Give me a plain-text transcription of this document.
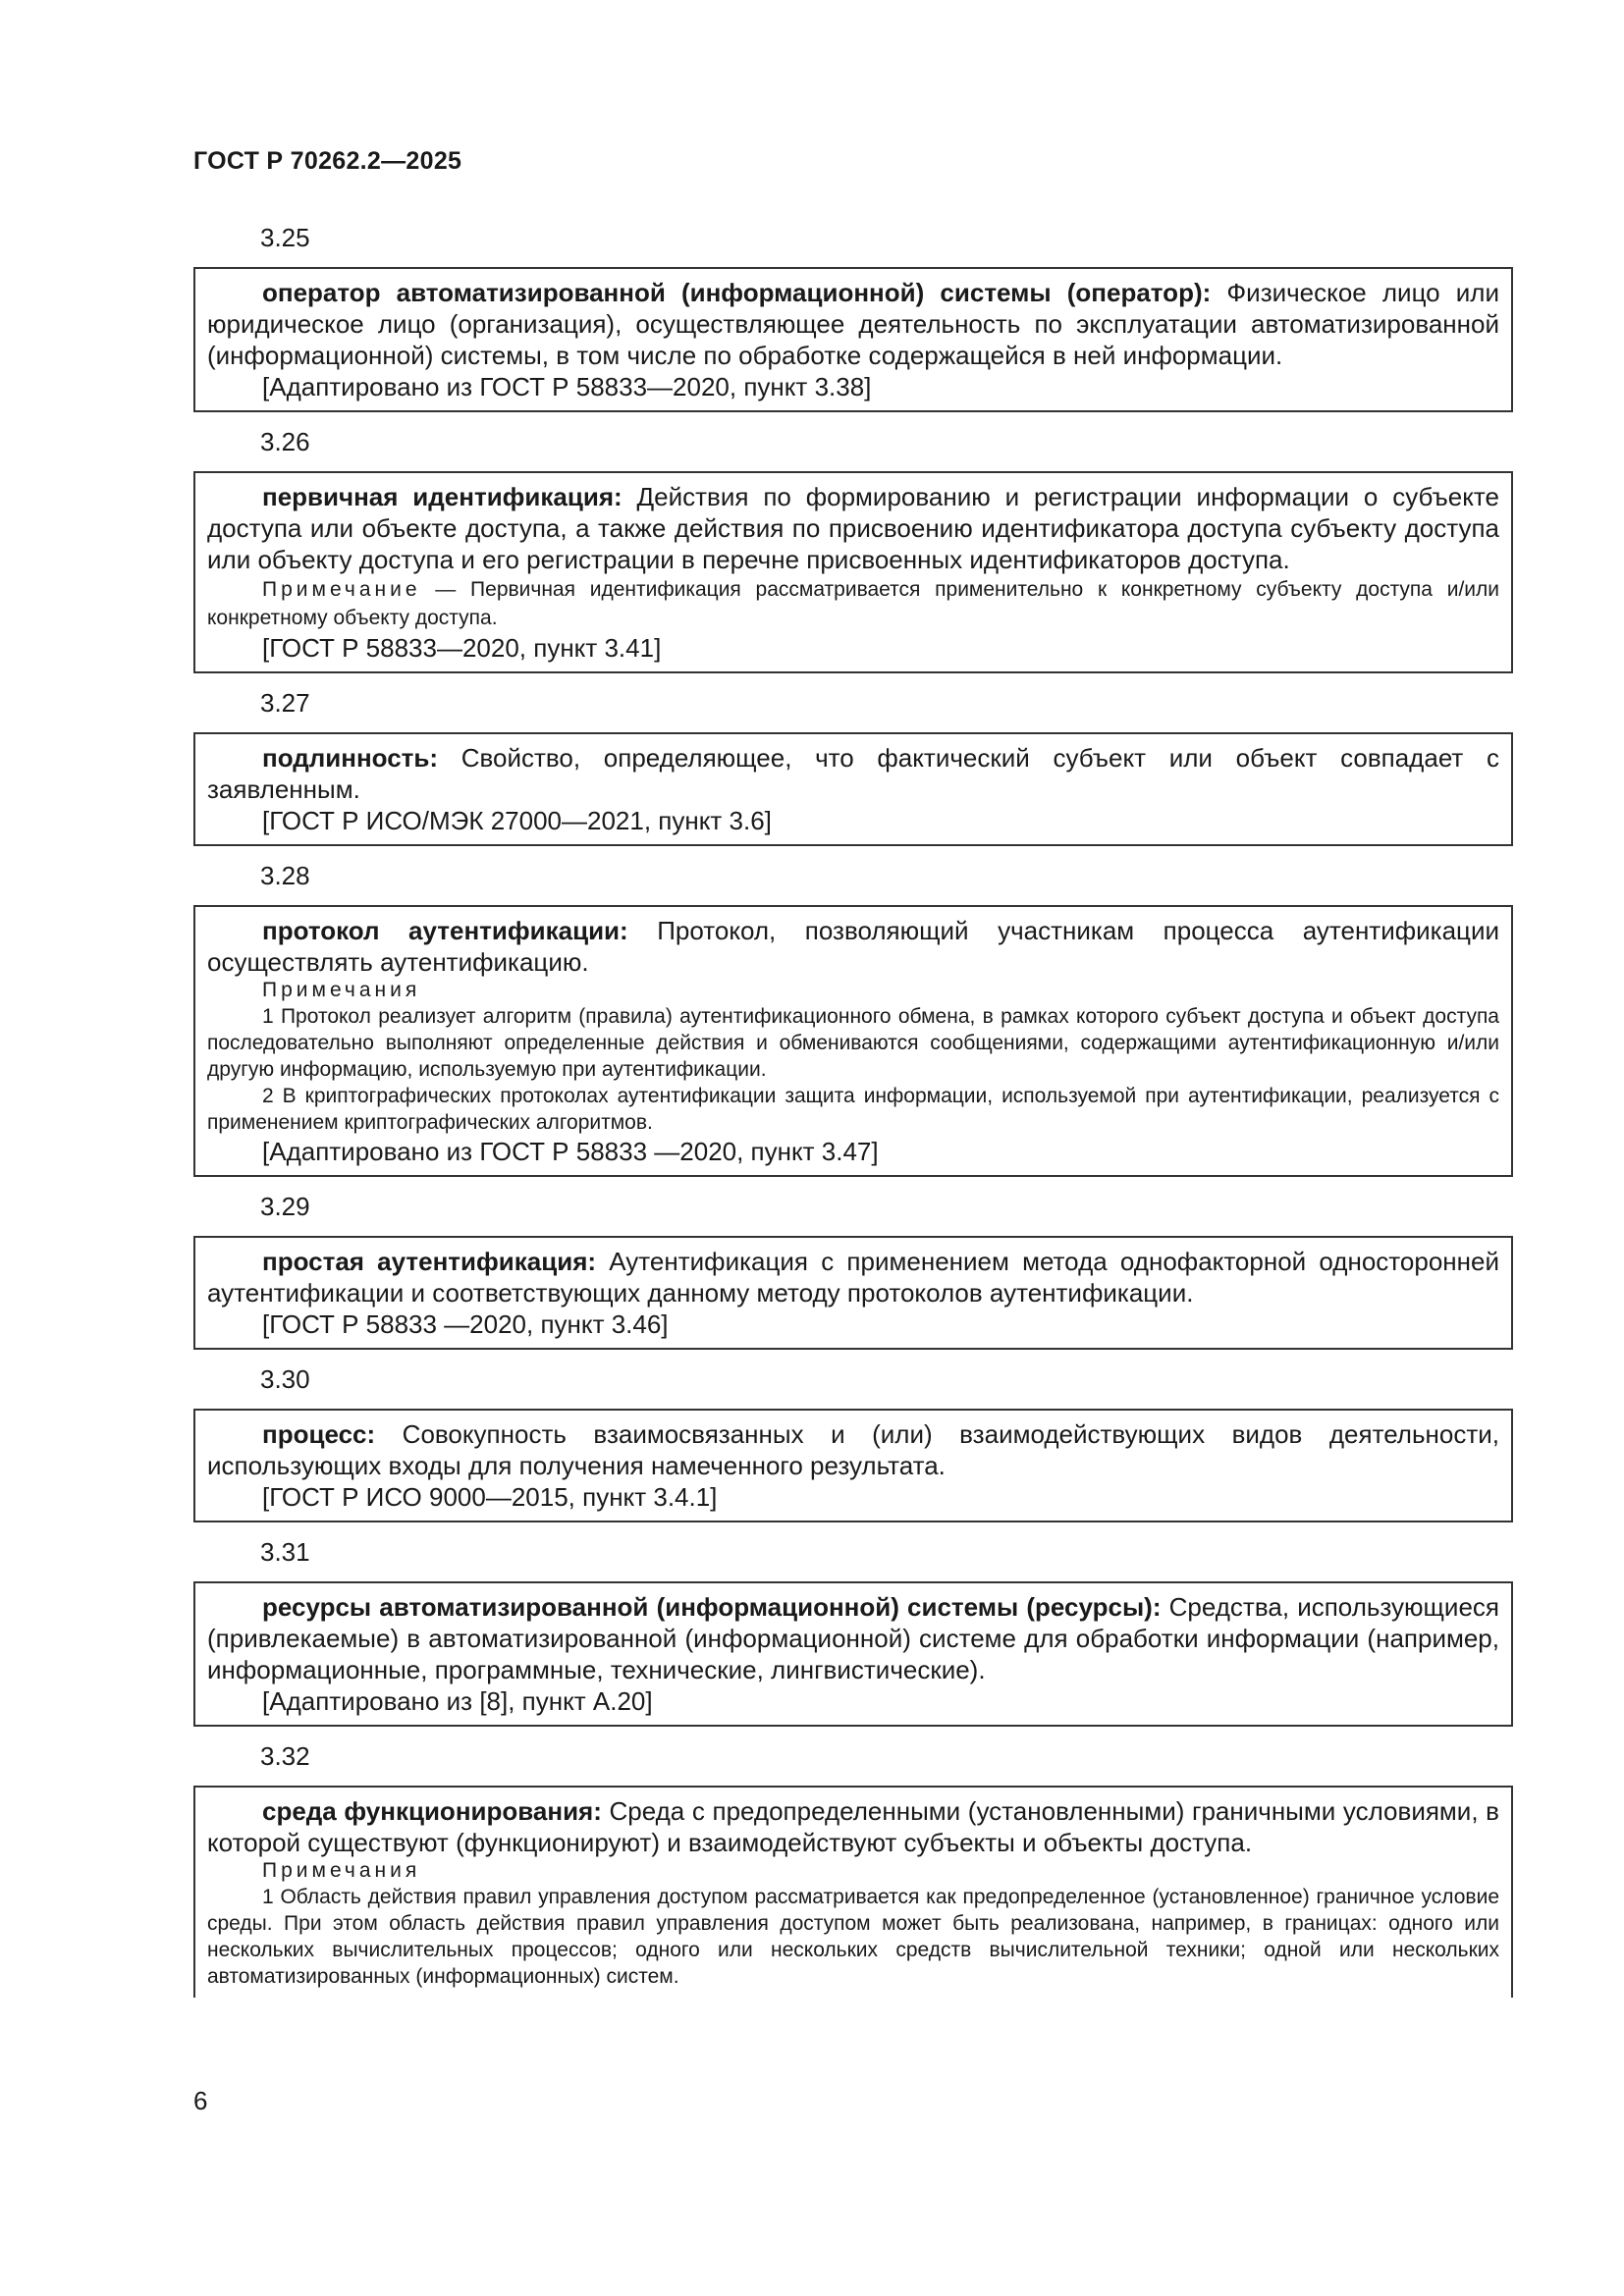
ГОСТ Р 70262.2—2025
3.25

оператор автоматизированной (информационной) системы (оператор): Физическое лицо или юридическое лицо (организация), осуществляющее деятельность по эксплуатации автоматизированной (информационной) системы, в том числе по обработке содержащейся в ней информации.

[Адаптировано из ГОСТ Р 58833—2020, пункт 3.38]

3.26

первичная идентификация: Действия по формированию и регистрации информации о субъекте доступа или объекте доступа, а также действия по присвоению идентификатора доступа субъекту доступа или объекту доступа и его регистрации в перечне присвоенных идентификаторов доступа.

Примечание — Первичная идентификация рассматривается применительно к конкретному субъекту доступа и/или конкретному объекту доступа.

[ГОСТ Р 58833—2020, пункт 3.41]

3.27

подлинность: Свойство, определяющее, что фактический субъект или объект совпадает с заявленным.

[ГОСТ Р ИСО/МЭК 27000—2021, пункт 3.6]

3.28

протокол аутентификации: Протокол, позволяющий участникам процесса аутентификации осуществлять аутентификацию.

Примечания

1 Протокол реализует алгоритм (правила) аутентификационного обмена, в рамках которого субъект доступа и объект доступа последовательно выполняют определенные действия и обмениваются сообщениями, содержащими аутентификационную и/или другую информацию, используемую при аутентификации.

2 В криптографических протоколах аутентификации защита информации, используемой при аутентификации, реализуется с применением криптографических алгоритмов.

[Адаптировано из ГОСТ Р 58833 —2020, пункт 3.47]

3.29

простая аутентификация: Аутентификация с применением метода однофакторной односторонней аутентификации и соответствующих данному методу протоколов аутентификации.

[ГОСТ Р 58833 —2020, пункт 3.46]

3.30

процесс: Совокупность взаимосвязанных и (или) взаимодействующих видов деятельности, использующих входы для получения намеченного результата.

[ГОСТ Р ИСО 9000—2015, пункт 3.4.1]

3.31

ресурсы автоматизированной (информационной) системы (ресурсы): Средства, использующиеся (привлекаемые) в автоматизированной (информационной) системе для обработки информации (например, информационные, программные, технические, лингвистические).

[Адаптировано из [8], пункт А.20]

3.32

среда функционирования: Среда с предопределенными (установленными) граничными условиями, в которой существуют (функционируют) и взаимодействуют субъекты и объекты доступа.

Примечания

1 Область действия правил управления доступом рассматривается как предопределенное (установленное) граничное условие среды. При этом область действия правил управления доступом может быть реализована, например, в границах: одного или нескольких вычислительных процессов; одного или нескольких средств вычислительной техники; одной или нескольких автоматизированных (информационных) систем.

6
